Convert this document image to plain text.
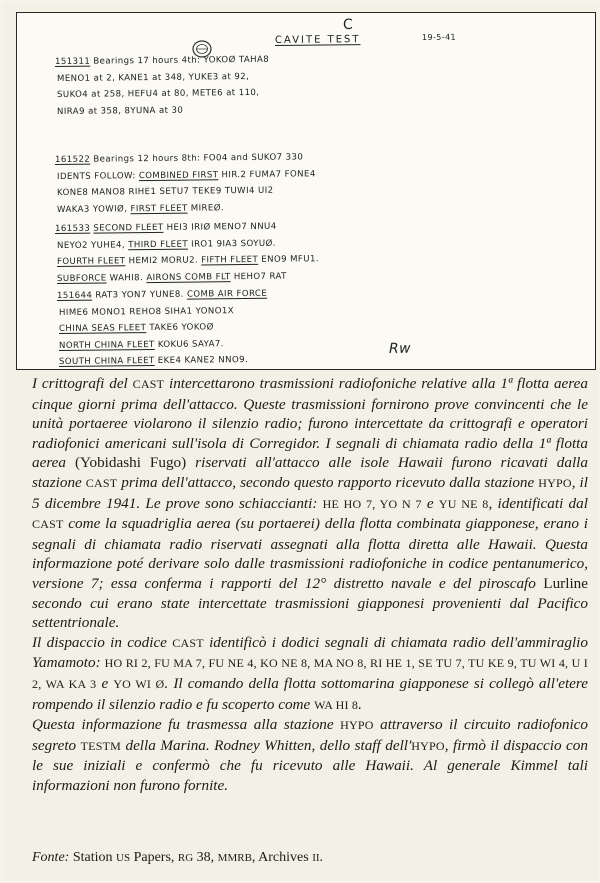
C
CAVITE TEST	19-5-41
Rw
151311 Bearings 17 hours 4th: YOKOØ TAHA8
MENO1 at 2, KANE1 at 348, YUKE3 at 92,
SUKO4 at 258, HEFU4 at 80, METE6 at 110,
NIRA9 at 358, 8YUNA at 30
161522 Bearings 12 hours 8th: FO04 and SUKO7 330
IDENTS FOLLOW: COMBINED FIRST HIR.2 FUMA7 FONE4
KONE8 MANO8 RIHE1 SETU7 TEKE9 TUWI4 UI2
WAKA3 YOWIØ, FIRST FLEET MIREØ.
161533 SECOND FLEET HEI3 IRIØ MENO7 NNU4
NEYO2 YUHE4, THIRD FLEET IRO1 9IA3 SOYUØ.
FOURTH FLEET HEMI2 MORU2. FIFTH FLEET ENO9 MFU1.
SUBFORCE WAHI8. AIRONS COMB FLT HEHO7 RAT
151644 RAT3 YON7 YUNE8. COMB AIR FORCE
HIME6 MONO1 REHO8 SIHA1 YONO1X
CHINA SEAS FLEET TAKE6 YOKOØ
NORTH CHINA FLEET KOKU6 SAYA7.
SOUTH CHINA FLEET EKE4 KANE2 NNO9.

I crittografi del CAST intercettarono trasmissioni radiofoniche relative alla 1ª flotta aerea cinque giorni prima dell'attacco. Queste trasmissioni fornirono prove convincenti che le unità portaeree violarono il silenzio radio; furono intercettate da crittografi e operatori radiofonici americani sull'isola di Corregidor. I segnali di chiamata radio della 1ª flotta aerea (Yobidashi Fugo) riservati all'attacco alle isole Hawaii furono ricavati dalla stazione CAST prima dell'attacco, secondo questo rapporto ricevuto dalla stazione HYPO, il 5 dicembre 1941. Le prove sono schiaccianti: HE HO 7, YO N 7 e YU NE 8, identificati dal CAST come la squadriglia aerea (su portaerei) della flotta combinata giapponese, erano i segnali di chiamata radio riservati assegnati alla flotta diretta alle Hawaii. Questa informazione poté derivare solo dalle trasmissioni radiofoniche in codice pentanumerico, versione 7; essa conferma i rapporti del 12° distretto navale e del piroscafo Lurline secondo cui erano state intercettate trasmissioni giapponesi provenienti dal Pacifico settentrionale.

Il dispaccio in codice CAST identificò i dodici segnali di chiamata radio dell'ammiraglio Yamamoto: HO RI 2, FU MA 7, FU NE 4, KO NE 8, MA NO 8, RI HE 1, SE TU 7, TU KE 9, TU WI 4, U I 2, WA KA 3 e YO WI Ø. Il comando della flotta sottomarina giapponese si collegò all'etere rompendo il silenzio radio e fu scoperto come WA HI 8.

Questa informazione fu trasmessa alla stazione HYPO attraverso il circuito radiofonico segreto TESTM della Marina. Rodney Whitten, dello staff dell'HYPO, firmò il dispaccio con le sue iniziali e confermò che fu ricevuto alle Hawaii. Al generale Kimmel tali informazioni non furono fornite.

Fonte: Station US Papers, RG 38, MMRB, Archives II.
